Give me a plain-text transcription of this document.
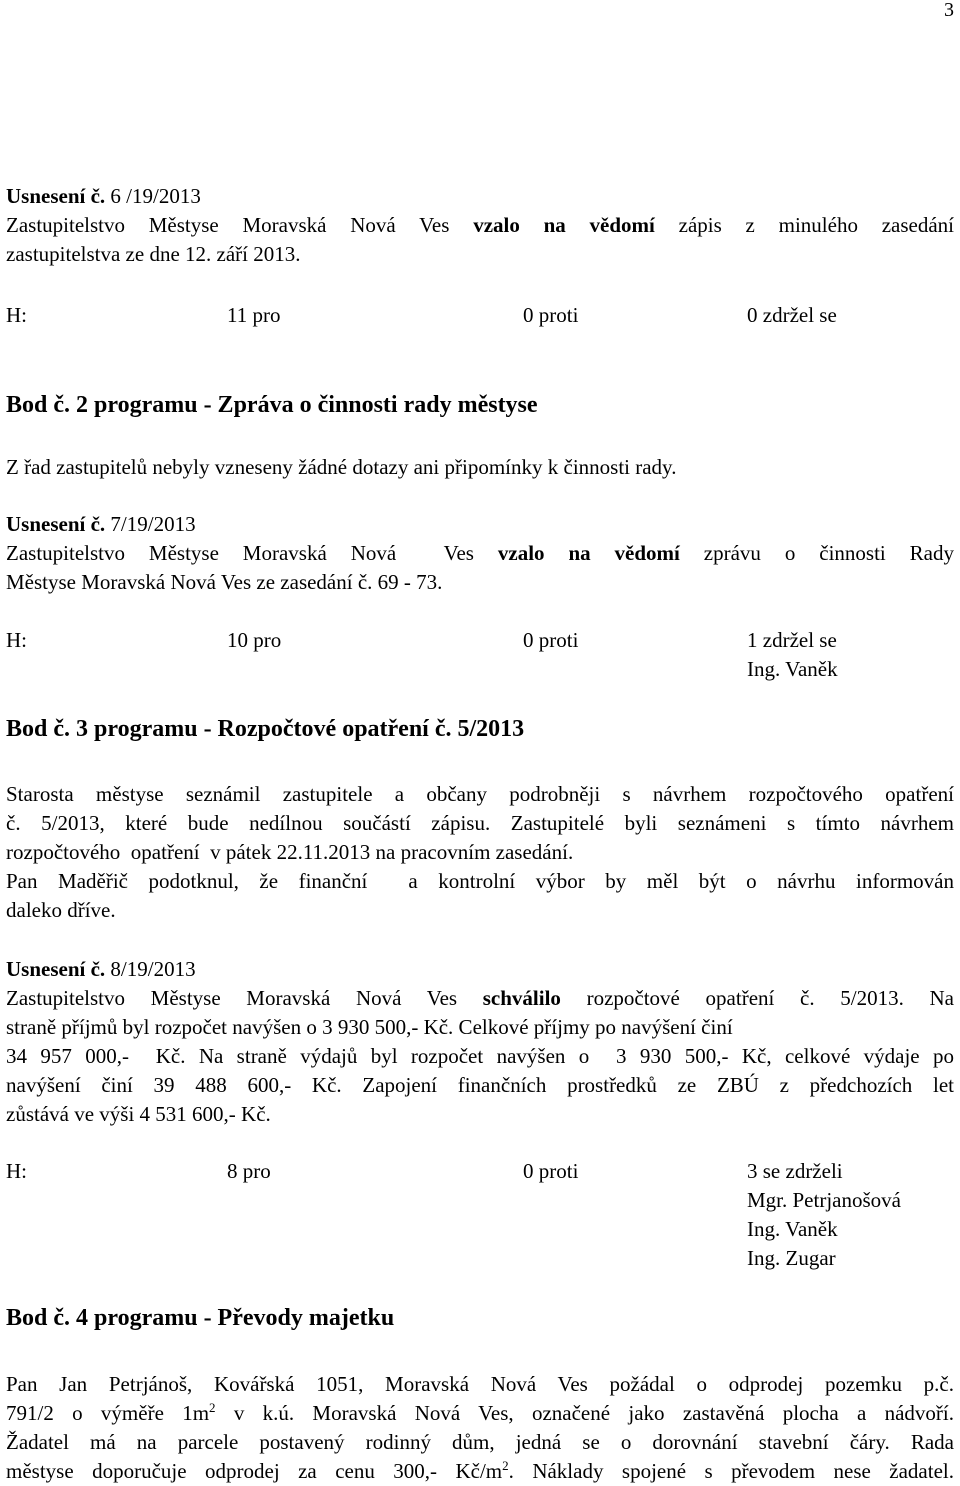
3
Usnesení č. 6 /19/2013
Zastupitelstvo Městyse Moravská Nová Ves vzalo na vědomí zápis z minulého zasedání
zastupitelstva ze dne 12. září 2013.
H:	11 pro	0 proti	0 zdržel se
Bod č. 2 programu - Zpráva o činnosti rady městyse
Z řad zastupitelů nebyly vzneseny žádné dotazy ani připomínky k činnosti rady.
Usnesení č. 7/19/2013
Zastupitelstvo Městyse Moravská Nová  Ves vzalo na vědomí zprávu o činnosti Rady
Městyse Moravská Nová Ves ze zasedání č. 69 - 73.
H:	10 pro	0 proti	1 zdržel se
Ing. Vaněk
Bod č. 3 programu - Rozpočtové opatření č. 5/2013
Starosta městyse seznámil zastupitele a občany podrobněji s návrhem rozpočtového opatření
č. 5/2013, které bude nedílnou součástí zápisu. Zastupitelé byli seznámeni s tímto návrhem
rozpočtového  opatření  v pátek 22.11.2013 na pracovním zasedání.
Pan Maděřič podotknul, že finanční  a kontrolní výbor by měl být o návrhu informován
daleko dříve.
Usnesení č. 8/19/2013
Zastupitelstvo Městyse Moravská Nová Ves schválilo rozpočtové opatření č. 5/2013. Na
straně příjmů byl rozpočet navýšen o 3 930 500,- Kč. Celkové příjmy po navýšení činí
34 957 000,-  Kč. Na straně výdajů byl rozpočet navýšen o  3 930 500,- Kč, celkové výdaje po
navýšení činí 39 488 600,- Kč. Zapojení finančních prostředků ze ZBÚ z předchozích let
zůstává ve výši 4 531 600,- Kč.
H:	8 pro	0 proti	3 se zdrželi
Mgr. Petrjanošová
Ing. Vaněk
Ing. Zugar
Bod č. 4 programu - Převody majetku
Pan Jan Petrjánoš, Kovářská 1051, Moravská Nová Ves požádal o odprodej pozemku p.č.
791/2 o výměře $1m^2$ v k.ú. Moravská Nová Ves, označené jako zastavěná plocha a nádvoří.
Žadatel má na parcele postavený rodinný dům, jedná se o dorovnání stavební čáry. Rada
městyse doporučuje odprodej za cenu 300,- $Kč/m^2$. Náklady spojené s převodem nese žadatel.
